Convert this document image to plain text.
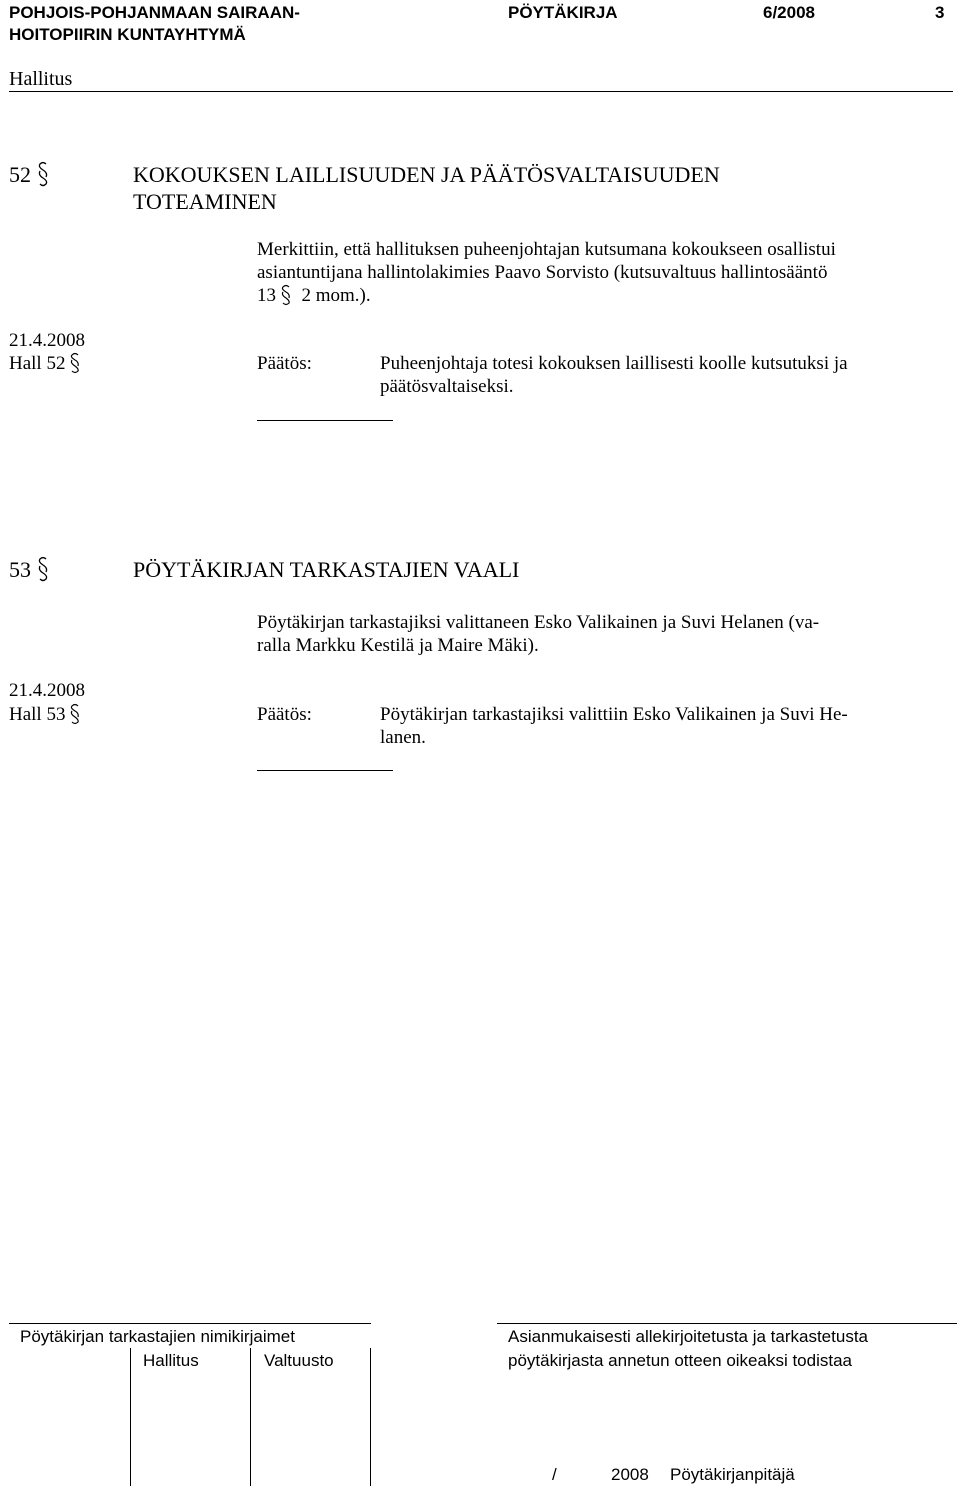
POHJOIS-POHJANMAAN SAIRAAN-
HOITOPIIRIN KUNTAYHTYMÄ
PÖYTÄKIRJA	6/2008	3
Hallitus
52	KOKOUKSEN LAILLISUUDEN JA PÄÄTÖSVALTAISUUDEN
TOTEAMINEN
Merkittiin, että hallituksen puheenjohtajan kutsumana kokoukseen osallistui
asiantuntijana hallintolakimies Paavo Sorvisto (kutsuvaltuus hallintosääntö
13 2 mom.).
21.4.2008
Hall 52	Päätös:	Puheenjohtaja totesi kokouksen laillisesti koolle kutsutuksi ja
päätösvaltaiseksi.
53	PÖYTÄKIRJAN TARKASTAJIEN VAALI
Pöytäkirjan tarkastajiksi valittaneen Esko Valikainen ja Suvi Helanen (va-
ralla Markku Kestilä ja Maire Mäki).
21.4.2008
Hall 53	Päätös:	Pöytäkirjan tarkastajiksi valittiin Esko Valikainen ja Suvi He-
lanen.
Pöytäkirjan tarkastajien nimikirjaimet
Hallitus	Valtuusto
Asianmukaisesti allekirjoitetusta ja tarkastetusta
pöytäkirjasta annetun otteen oikeaksi todistaa
/	2008 Pöytäkirjanpitäjä
